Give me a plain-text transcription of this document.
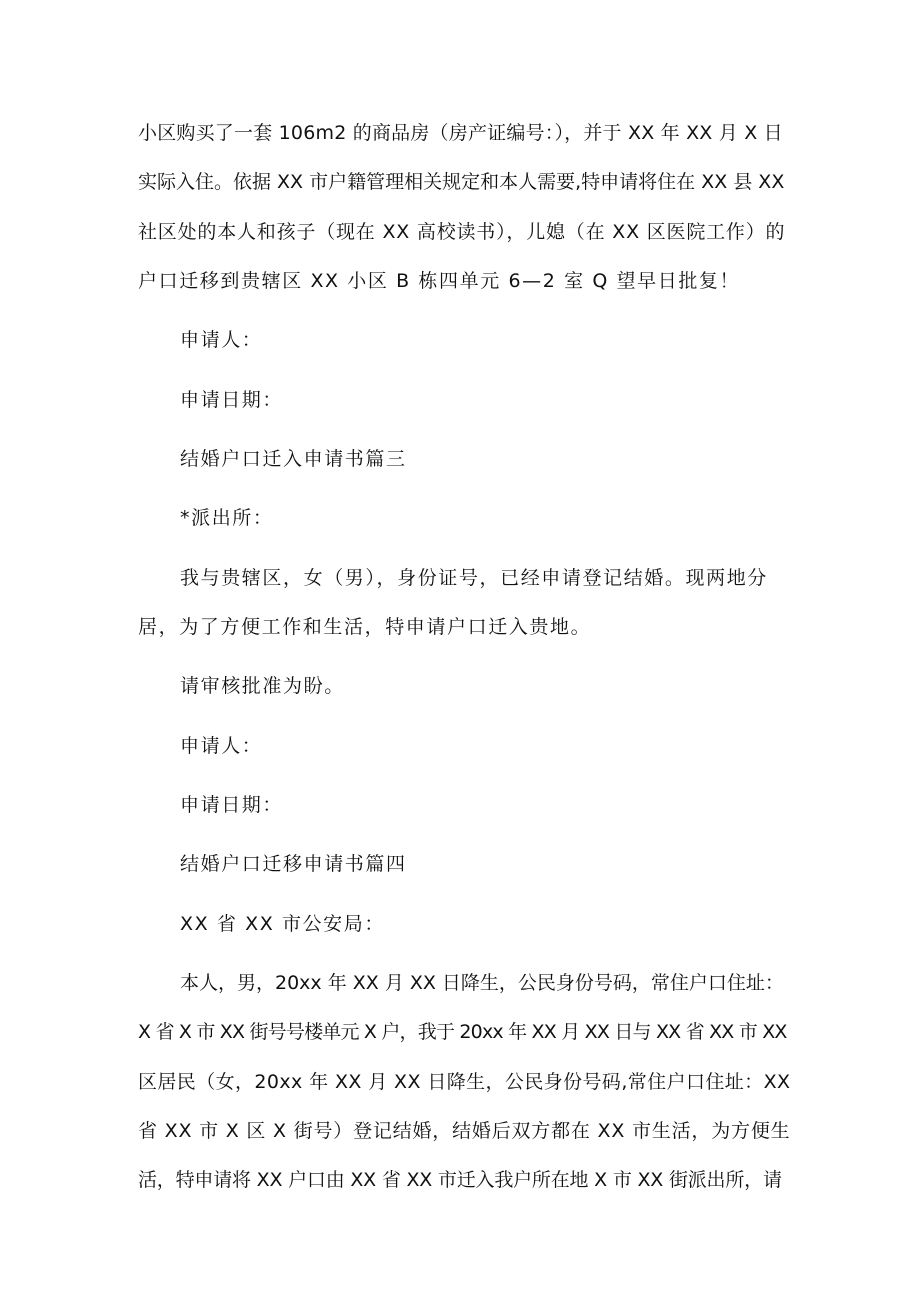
小区购买了一套 106m2 的商品房（房产证编号：），并于 XX 年 XX 月 X 日
实际入住。依据 XX 市户籍管理相关规定和本人需要,特申请将住在 XX 县 XX
社区处的本人和孩子（现在 XX 高校读书），儿媳（在 XX 区医院工作）的
户口迁移到贵辖区 XX 小区 B 栋四单元 6—2 室 Q 望早日批复！
申请人：
申请日期：
结婚户口迁入申请书篇三
*派出所：
我与贵辖区，女（男），身份证号，已经申请登记结婚。现两地分
居，为了方便工作和生活，特申请户口迁入贵地。
请审核批准为盼。
申请人：
申请日期：
结婚户口迁移申请书篇四
XX 省 XX 市公安局：
本人，男，20xx 年 XX 月 XX 日降生，公民身份号码，常住户口住址：
X 省 X 市 XX 街号号楼单元 X 户，我于 20xx 年 XX 月 XX 日与 XX 省 XX 市 XX
区居民（女，20xx 年 XX 月 XX 日降生，公民身份号码,常住户口住址：XX
省 XX 市 X 区 X 街号）登记结婚，结婚后双方都在 XX 市生活，为方便生
活，特申请将 XX 户口由 XX 省 XX 市迁入我户所在地 X 市 XX 街派出所，请
